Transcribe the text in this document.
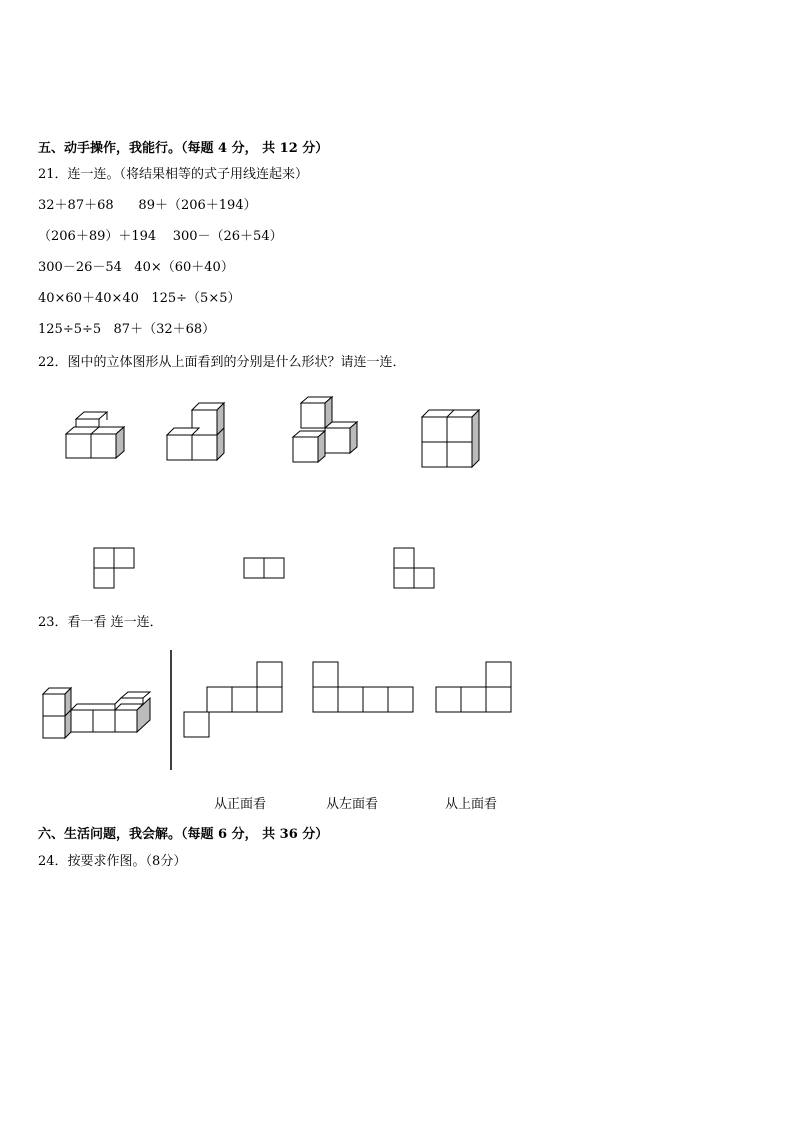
五、动手操作，我能行。（每题 4 分， 共 12 分）
21．连一连。（将结果相等的式子用线连起来）
32＋87＋68      89＋（206＋194）
（206＋89）＋194    300－（26＋54）
300－26－54   40×（60＋40）
40×60＋40×40   125÷（5×5）
125÷5÷5   87＋（32＋68）
22．图中的立体图形从上面看到的分别是什么形状？请连一连．
23．看一看 连一连．
从正面看	从左面看	从上面看
六、生活问题，我会解。（每题 6 分， 共 36 分）
24．按要求作图。（8分）
